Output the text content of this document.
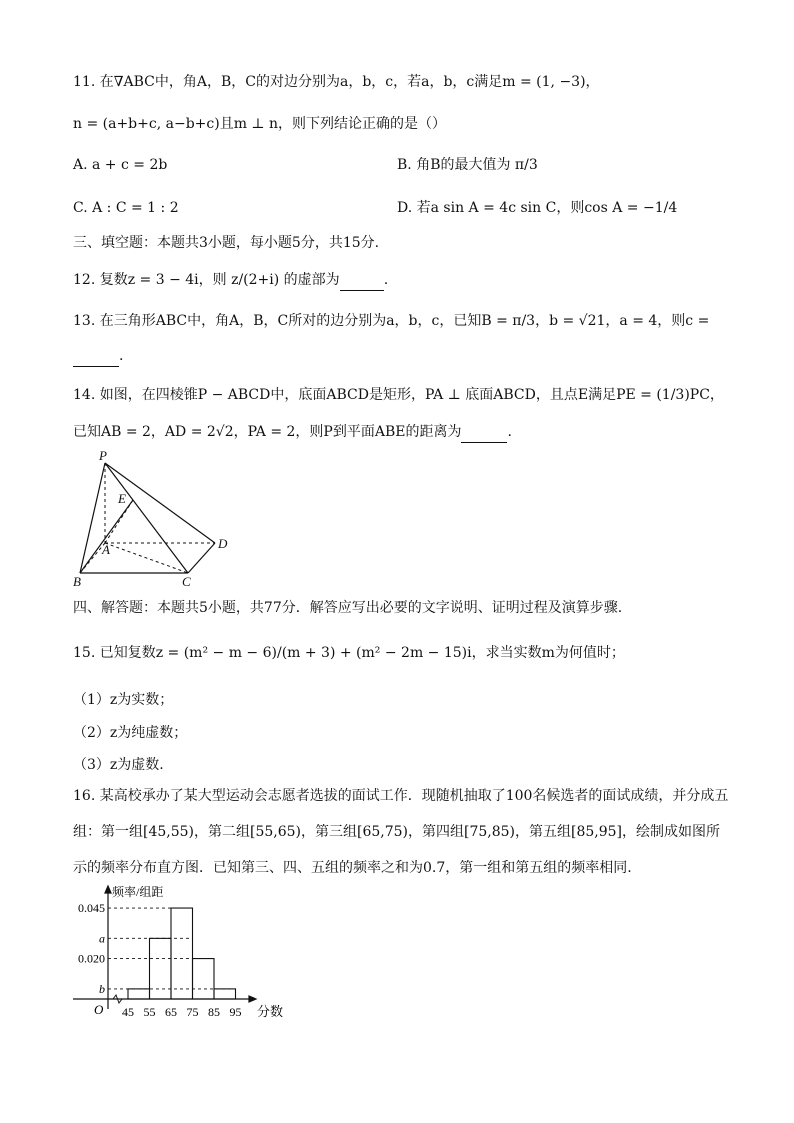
11. 在∇ABC中，角A，B，C的对边分别为a，b，c，若a，b，c满足m = (1, −3)，
n = (a+b+c, a−b+c)且m ⊥ n，则下列结论正确的是（）
A. a + c = 2b	B. 角B的最大值为 π/3
C. A : C = 1 : 2	D. 若a sin A = 4c sin C，则cos A = −1/4
三、填空题：本题共3小题，每小题5分，共15分.
12. 复数z = 3 − 4i，则 z/(2+i) 的虚部为	.
13. 在三角形ABC中，角A，B，C所对的边分别为a，b，c，已知B = π/3，b = √21，a = 4，则c =
.
14. 如图，在四棱锥P − ABCD中，底面ABCD是矩形，PA ⊥ 底面ABCD，且点E满足PE = (1/3)PC，
已知AB = 2，AD = 2√2，PA = 2，则P到平面ABE的距离为	.
P
E
A
B	C
D
四、解答题：本题共5小题，共77分．解答应写出必要的文字说明、证明过程及演算步骤.
15. 已知复数z = (m² − m − 6)/(m + 3) + (m² − 2m − 15)i，求当实数m为何值时；
（1）z为实数；
（2）z为纯虚数；
（3）z为虚数.
16. 某高校承办了某大型运动会志愿者选拔的面试工作．现随机抽取了100名候选者的面试成绩，并分成五
组：第一组[45,55)，第二组[55,65)，第三组[65,75)，第四组[75,85)，第五组[85,95]，绘制成如图所
示的频率分布直方图．已知第三、四、五组的频率之和为0.7，第一组和第五组的频率相同.
频率/组距
O	分数
0.045
a
0.020
b
45 55 65 75 85 95
